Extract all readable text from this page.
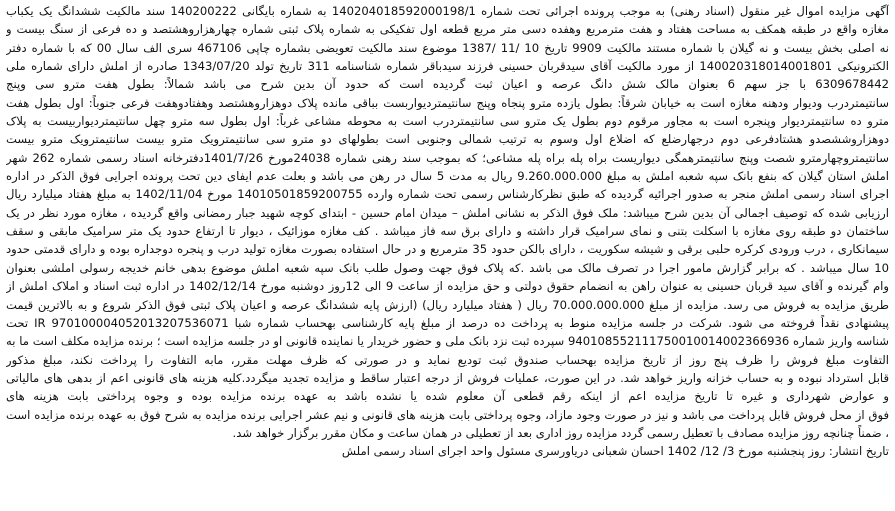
آگهی مزایده اموال غیر منقول (اسناد رهنی) به موجب پرونده اجرائی تحت شماره 140204018592000198/1 به شماره بایگانی 140200222 سند مالکیت ششدانگ یک یکباب
مغازه واقع در طبقه همکف به مساحت هفتاد و هفت مترمربع وهفده دسی متر مربع قطعه اول تفکیکی به شماره پلاک ثبتی شماره چهارهزاروهشتصد و ده فرعی از سنگ بیست و
نه اصلی بخش بیست و نه گیلان با شماره مستند مالکیت 9909 تاریخ 10 /11 /1387 موضوع سند مالکیت تعویضی بشماره چاپی 467106 سری الف سال 00 که با شماره دفتر
الکترونیکی 140020318014001801 از مورد مالکیت آقای سیدقربان حسینی فرزند سیدباقر شماره شناسنامه 311 تاریخ تولد 1343/07/20 صادره از املش دارای شماره ملی
6309678442 با جز سهم 6 بعنوان مالک شش دانگ عرصه و اعیان ثبت گردیده است که حدود آن بدین شرح می باشد شمالاً: بطول هفت مترو سی وپنج
سانتیمتردرب ودیوار ودهنه مغازه است به خیابان شرقاً: بطول یازده مترو پنجاه وپنج سانتیمتردیواربست بباقی مانده پلاک دوهزاروهشتصد وهفتادوهفت فرعی جنوباً: اول بطول هفت
مترو ده سانتیمتردیوار وپنجره است به مجاور مرقوم دوم بطول یک مترو سی سانتیمتردرب است به محوطه مشاعی غرباً: اول بطول سه مترو چهل سانتیمتردیواربیست به پلاک
دوهزاروششصدو هشتادفرعی دوم درجهارضلع که اضلاع اول وسوم به ترتیب شمالی وجنوبی است بطولهای دو مترو سی سانتیمترویک مترو بیست سانتیمترویک مترو بیست
سانتیمتروچهارمترو شصت وپنج سانتیمترهمگی دیواریست براه پله براه پله مشاعی؛ که بموجب سند رهنی شماره 24038مورخ 1401/7/26دفترخانه اسناد رسمی شماره 262 شهر
املش استان گیلان که بنفع بانک سپه شعبه املش به مبلغ 9.260.000.000 ریال به مدت 5 سال در رهن می باشد و بعلت عدم ایفای دین تحت پرونده اجرایی فوق الذکر در اداره
اجرای اسناد رسمی املش منجر به صدور اجرائیه گردیده که طبق نظرکارشناس رسمی تحت شماره وارده 14010501859200755 مورخ 1402/11/04 به مبلغ هفتاد میلیارد ریال
ارزیابی شده که توصیف اجمالی آن بدین شرح میباشد: ملک فوق الذکر به نشانی املش – میدان امام حسین - ابتدای کوچه شهید جبار رمضانی واقع گردیده ، مغازه مورد نظر در یک
ساختمان دو طبقه روی مغازه با اسکلت بتنی و نمای سرامیک قرار داشته و دارای برق سه فاز میباشد . کف مغازه موزائیک ، دیوار تا ارتفاع حدود یک متر سرامیک مابقی و سقف
سیمانکاری ، درب ورودی کرکره حلبی برقی و شیشه سکوریت ، دارای بالکن حدود 35 مترمربع و در حال استفاده بصورت مغازه تولید درب و پنجره دوجداره بوده و دارای قدمتی حدود
10 سال میباشد . که برابر گزارش مامور اجرا در تصرف مالک می باشد .که پلاک فوق جهت وصول طلب بانک سپه شعبه املش موضوع بدهی خانم خدیجه رسولی املشی بعنوان
وام گیرنده و آقای سید قربان حسینی به عنوان راهن به انضمام حقوق دولتی و حق مزایده از ساعت 9 الی 12روز دوشنبه مورخ 1402/12/14 در اداره ثبت اسناد و املاک املش از
طریق مزایده به فروش می رسد. مزایده از مبلغ 70.000.000.000 ریال ( هفتاد میلیارد ریال) (ارزش پایه ششدانگ عرصه و اعیان پلاک ثبتی فوق الذکر شروع و به بالاترین قیمت
پیشنهادی نقداً فروخته می شود. شرکت در جلسه مزایده منوط به پرداخت ده درصد از مبلغ پایه کارشناسی بهحساب شماره شبا IR 970100004052013207536071 تحت
شناسه واریز شماره 940108552111750010014002366936 سپرده ثبت نزد بانک ملی و حضور خریدار یا نماینده قانونی او در جلسه مزایده است ؛ برنده مزایده مکلف است ما به
التفاوت مبلغ فروش را ظرف پنج روز از تاریخ مزایده بهحساب صندوق ثبت تودیع نماید و در صورتی که ظرف مهلت مقرر، مابه التفاوت را پرداخت نکند، مبلغ مذکور
قابل استرداد نبوده و به حساب خزانه واریز خواهد شد. در این صورت، عملیات فروش از درجه اعتبار ساقط و مزایده تجدید میگردد.کلیه هزینه های قانونی اعم از بدهی های مالیاتی
و عوارض شهرداری و غیره تا تاریخ مزایده اعم از اینکه رقم قطعی آن معلوم شده یا نشده باشد به عهده برنده مزایده بوده و وجوه پرداختی بابت هزینه های
فوق از محل فروش قابل پرداخت می باشد و نیز در صورت وجود مازاد، وجوه پرداختی بابت هزینه های قانونی و نیم عشر اجرایی برنده مزایده به شرح فوق به عهده برنده مزایده است
، ضمناً چنانچه روز مزایده مصادف با تعطیل رسمی گردد مزایده روز اداری بعد از تعطیلی در همان ساعت و مکان مقرر برگزار خواهد شد.
تاریخ انتشار: روز پنجشنبه مورخ 3/ 12/ 1402 احسان شعبانی دریاورسری مسئول واحد اجرای اسناد رسمی املش
